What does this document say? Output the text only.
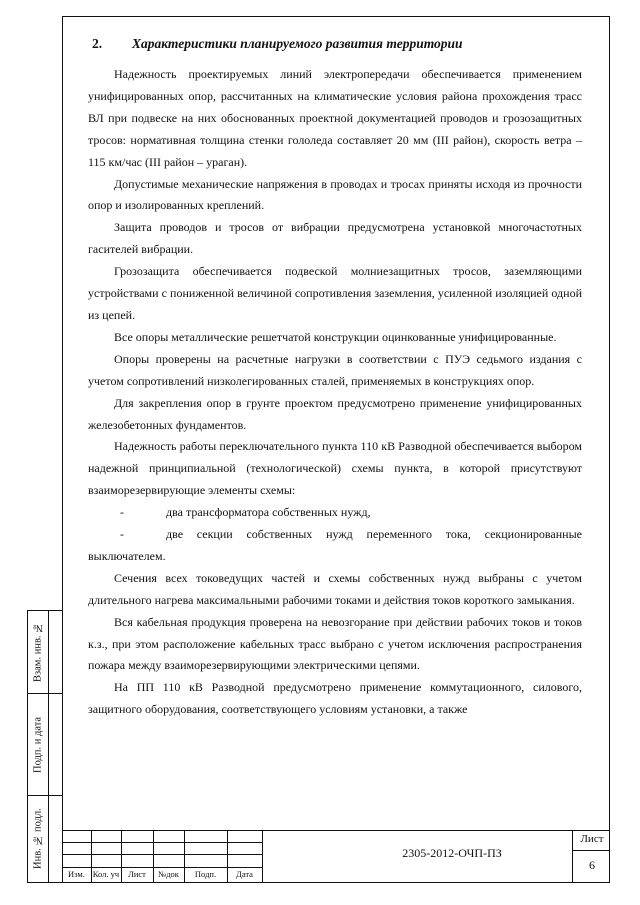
2. Характеристики планируемого развития территории

Надежность проектируемых линий электропередачи обеспечивается применением унифицированных опор, рассчитанных на климатические условия района прохождения трасс ВЛ при подвеске на них обоснованных проектной документацией проводов и грозозащитных тросов: нормативная толщина стенки гололеда составляет 20 мм (III район), скорость ветра – 115 км/час (III район – ураган).

Допустимые механические напряжения в проводах и тросах приняты исходя из прочности опор и изолированных креплений.

Защита проводов и тросов от вибрации предусмотрена установкой многочастотных гасителей вибрации.

Грозозащита обеспечивается подвеской молниезащитных тросов, заземляющими устройствами с пониженной величиной сопротивления заземления, усиленной изоляцией одной из цепей.

Все опоры металлические решетчатой конструкции оцинкованные унифицированные.

Опоры проверены на расчетные нагрузки в соответствии с ПУЭ седьмого издания с учетом сопротивлений низколегированных сталей, применяемых в конструкциях опор.

Для закрепления опор в грунте проектом предусмотрено применение унифицированных железобетонных фундаментов.

Надежность работы переключательного пункта 110 кВ Разводной обеспечивается выбором надежной принципиальной (технологической) схемы пункта, в которой присутствуют взаиморезервирующие элементы схемы:

-	два трансформатора собственных нужд,

-	две секции собственных нужд переменного тока, секционированные выключателем.

Сечения всех токоведущих частей и схемы собственных нужд выбраны с учетом длительного нагрева максимальными рабочими токами и действия токов короткого замыкания.

Вся кабельная продукция проверена на невозгорание при действии рабочих токов и токов к.з., при этом расположение кабельных трасс выбрано с учетом исключения распространения пожара между взаиморезервирующими электрическими цепями.

На ПП 110 кВ Разводной предусмотрено применение коммутационного, силового, защитного оборудования, соответствующего условиям установки, а также

Взам. инв. №
Подп. и дата
Инв. № подл.
Изм. Кол. уч	Лист	№док	Подп.	Дата
2305-2012-ОЧП-ПЗ
Лист
6
